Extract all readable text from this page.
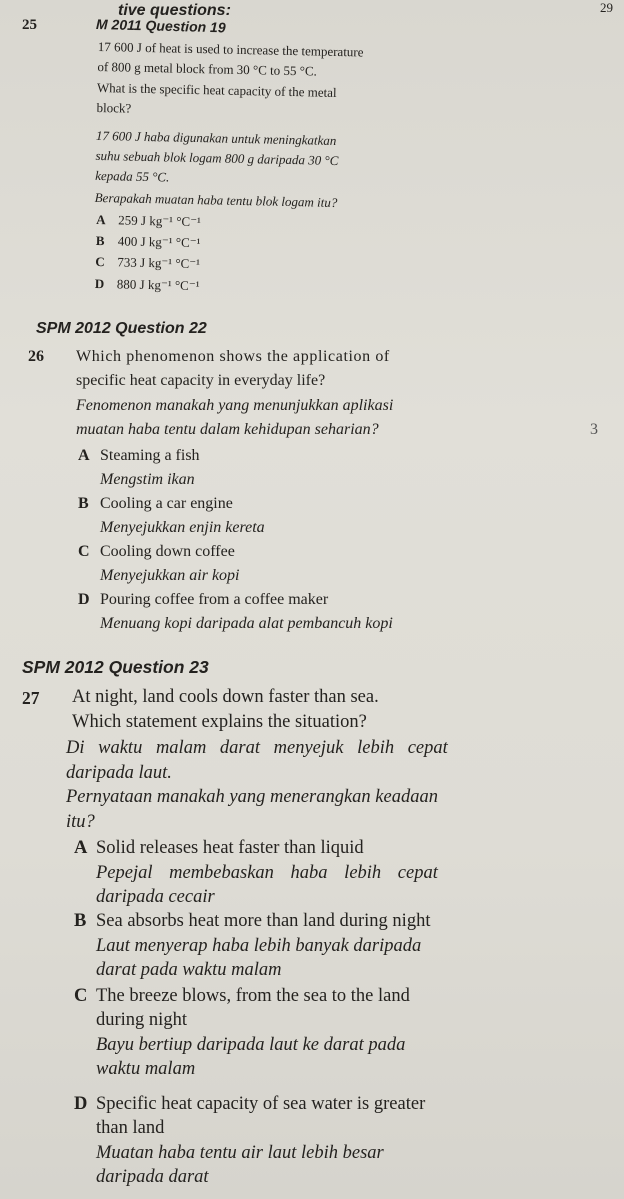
tive questions:	29
M 2011 Question 19
25
17 600 J of heat is used to increase the temperature
of 800 g metal block from 30 °C to 55 °C.
What is the specific heat capacity of the metal
block?
17 600 J haba digunakan untuk meningkatkan
suhu sebuah blok logam 800 g daripada 30 °C
kepada 55 °C.
Berapakah muatan haba tentu blok logam itu?
A 259 J kg⁻¹ °C⁻¹
B 400 J kg⁻¹ °C⁻¹
C 733 J kg⁻¹ °C⁻¹
D 880 J kg⁻¹ °C⁻¹
SPM 2012 Question 22
26 Which phenomenon shows the application of
specific heat capacity in everyday life?
Fenomenon manakah yang menunjukkan aplikasi
muatan haba tentu dalam kehidupan seharian?	3
A Steaming a fish
Mengstim ikan
B Cooling a car engine
Menyejukkan enjin kereta
C Cooling down coffee
Menyejukkan air kopi
D Pouring coffee from a coffee maker
Menuang kopi daripada alat pembancuh kopi
SPM 2012 Question 23
27 At night, land cools down faster than sea.
Which statement explains the situation?
Di waktu malam darat menyejuk lebih cepat
daripada laut.
Pernyataan manakah yang menerangkan keadaan
itu?
A Solid releases heat faster than liquid
Pepejal membebaskan haba lebih cepat
daripada cecair
B Sea absorbs heat more than land during night
Laut menyerap haba lebih banyak daripada
darat pada waktu malam
C The breeze blows, from the sea to the land
during night
Bayu bertiup daripada laut ke darat pada
waktu malam
D Specific heat capacity of sea water is greater
than land
Muatan haba tentu air laut lebih besar
daripada darat
